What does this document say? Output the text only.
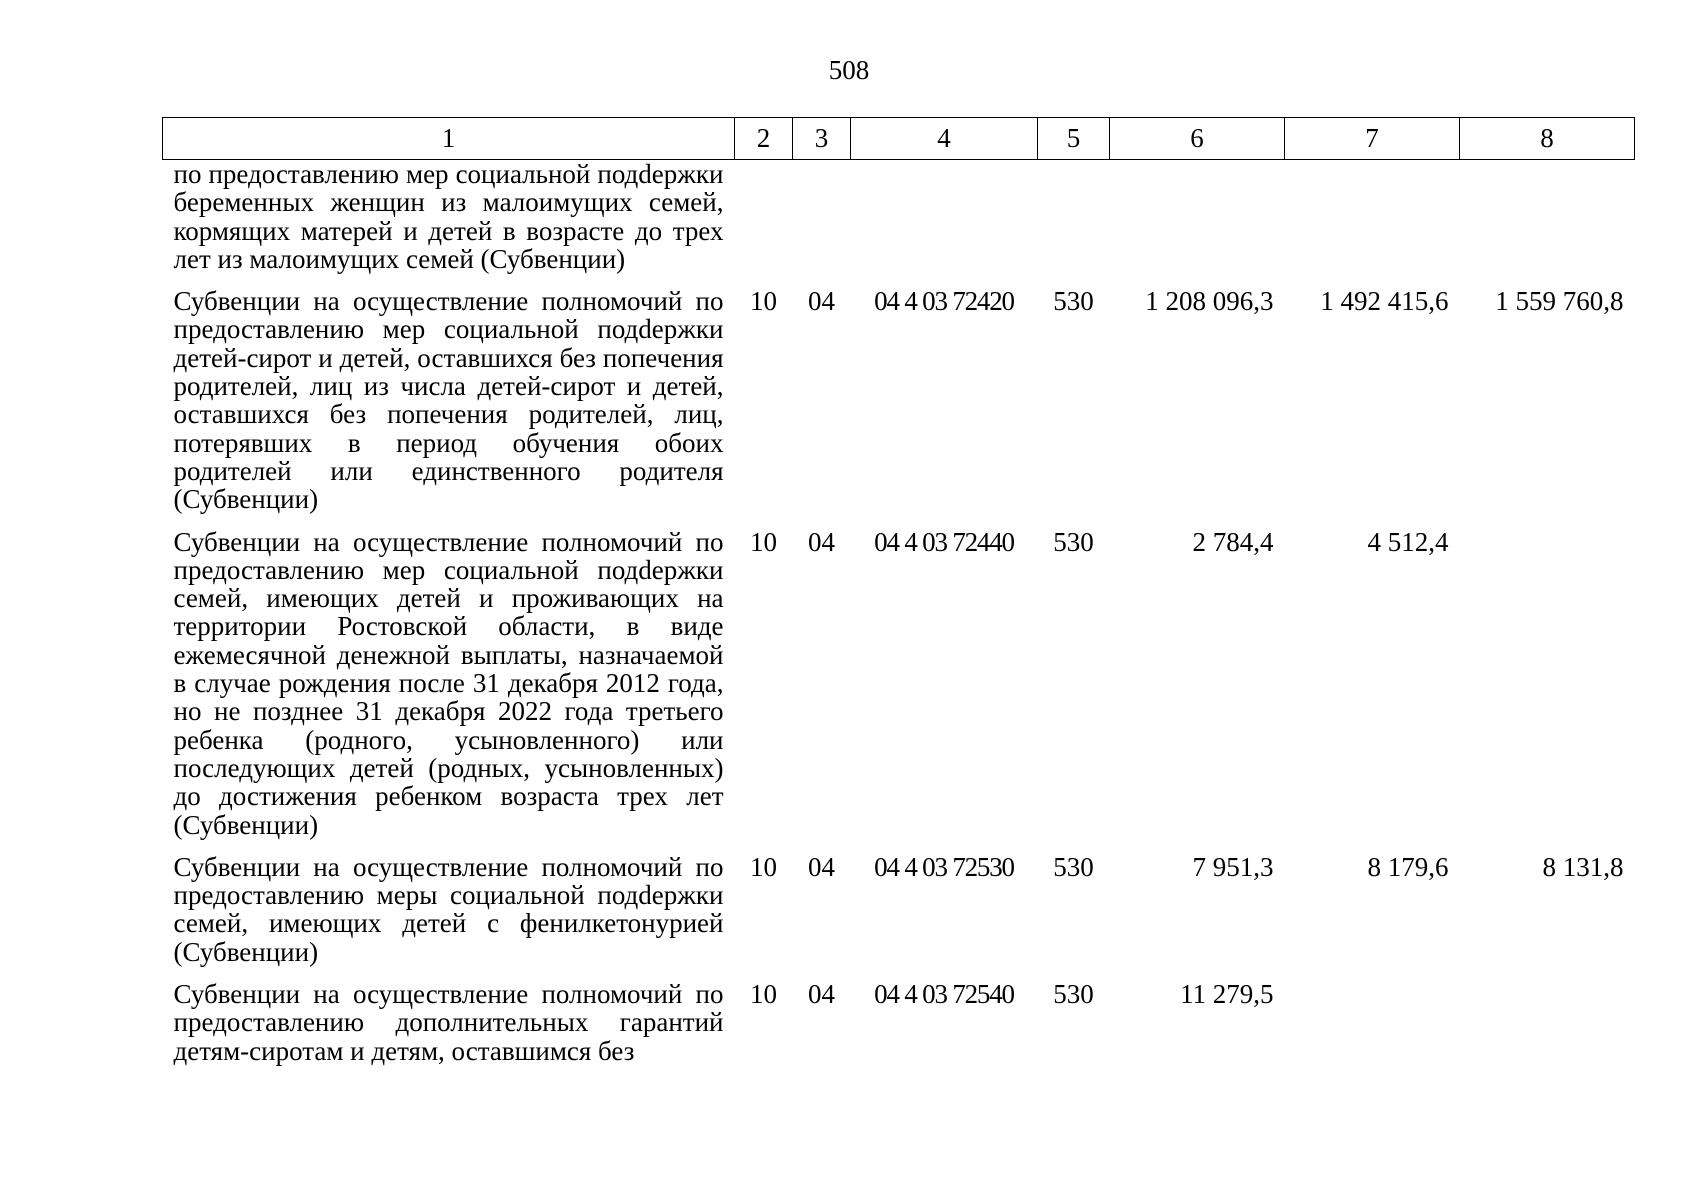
508
1	2	3	4	5	6	7	8
по предоставлению мер социальной подdержки беременных женщин из малоимущих семей, кормящих матерей и детей в возрасте до трех лет из малоимущих семей (Субвенции)							
Субвенции на осуществление полномочий по предоставлению мер социальной подdержки детей-сирот и детей, оставшихся без попечения родителей, лиц из числа детей-сирот и детей, оставшихся без попечения родителей, лиц, потерявших в период обучения обоих родителей или единственного родителя (Субвенции)	10	04	04 4 03 72420	530	1 208 096,3	1 492 415,6	1 559 760,8
Субвенции на осуществление полномочий по предоставлению мер социальной подdержки семей, имеющих детей и проживающих на территории Ростовской области, в виде ежемесячной денежной выплаты, назначаемой в случае рождения после 31 декабря 2012 года, но не позднее 31 декабря 2022 года третьего ребенка (родного, усыновленного) или последующих детей (родных, усыновленных) до достижения ребенком возраста трех лет (Субвенции)	10	04	04 4 03 72440	530	2 784,4	4 512,4	
Субвенции на осуществление полномочий по предоставлению меры социальной подdержки семей, имеющих детей с фенилкетонурией (Субвенции)	10	04	04 4 03 72530	530	7 951,3	8 179,6	8 131,8
Субвенции на осуществление полномочий по предоставлению дополнительных гарантий детям-сиротам и детям, оставшимся без	10	04	04 4 03 72540	530	11 279,5		
